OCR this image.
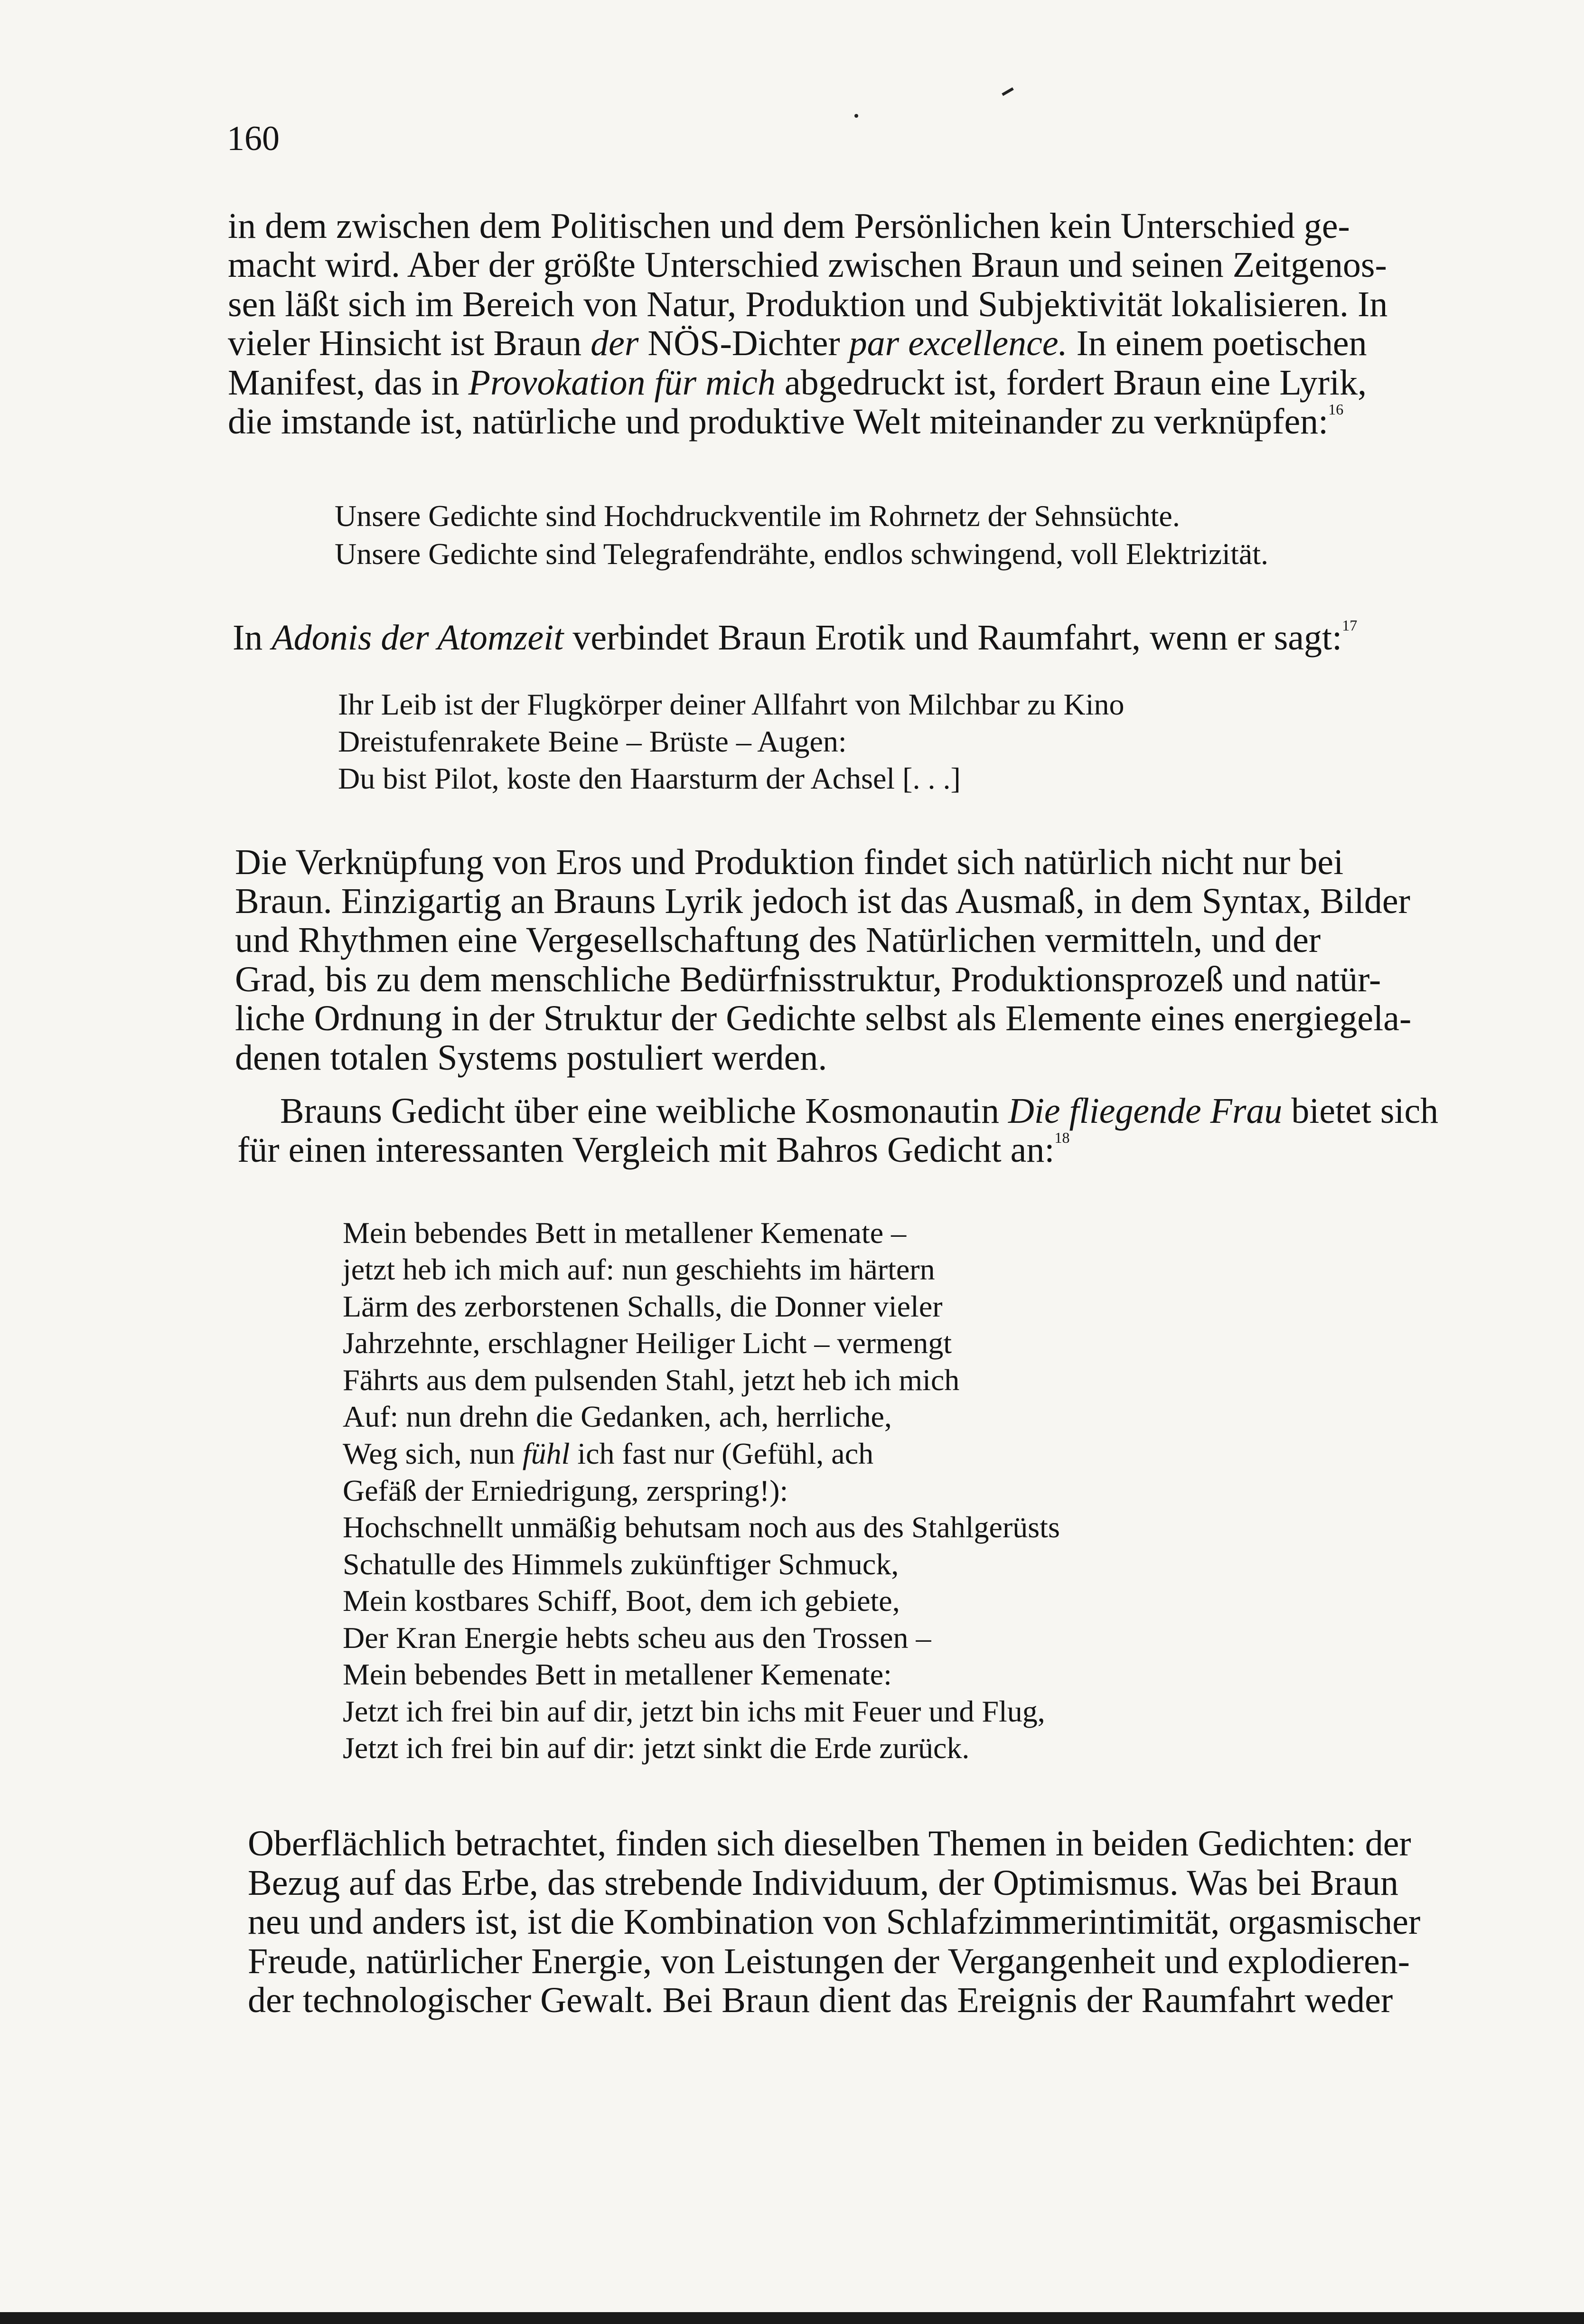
160
in dem zwischen dem Politischen und dem Persönlichen kein Unterschied ge-
macht wird. Aber der größte Unterschied zwischen Braun und seinen Zeitgenos-
sen läßt sich im Bereich von Natur, Produktion und Subjektivität lokalisieren. In
vieler Hinsicht ist Braun der NÖS-Dichter par excellence. In einem poetischen
Manifest, das in Provokation für mich abgedruckt ist, fordert Braun eine Lyrik,
die imstande ist, natürliche und produktive Welt miteinander zu verknüpfen:$^{16}$
Unsere Gedichte sind Hochdruckventile im Rohrnetz der Sehnsüchte.
Unsere Gedichte sind Telegrafendrähte, endlos schwingend, voll Elektrizität.
In Adonis der Atomzeit verbindet Braun Erotik und Raumfahrt, wenn er sagt:$^{17}$
Ihr Leib ist der Flugkörper deiner Allfahrt von Milchbar zu Kino
Dreistufenrakete Beine – Brüste – Augen:
Du bist Pilot, koste den Haarsturm der Achsel [. . .]
Die Verknüpfung von Eros und Produktion findet sich natürlich nicht nur bei
Braun. Einzigartig an Brauns Lyrik jedoch ist das Ausmaß, in dem Syntax, Bilder
und Rhythmen eine Vergesellschaftung des Natürlichen vermitteln, und der
Grad, bis zu dem menschliche Bedürfnisstruktur, Produktionsprozeß und natür-
liche Ordnung in der Struktur der Gedichte selbst als Elemente eines energiegela-
denen totalen Systems postuliert werden.
Brauns Gedicht über eine weibliche Kosmonautin Die fliegende Frau bietet sich
für einen interessanten Vergleich mit Bahros Gedicht an:$^{18}$
Mein bebendes Bett in metallener Kemenate –
jetzt heb ich mich auf: nun geschiehts im härtern
Lärm des zerborstenen Schalls, die Donner vieler
Jahrzehnte, erschlagner Heiliger Licht – vermengt
Fährts aus dem pulsenden Stahl, jetzt heb ich mich
Auf: nun drehn die Gedanken, ach, herrliche,
Weg sich, nun fühl ich fast nur (Gefühl, ach
Gefäß der Erniedrigung, zerspring!):
Hochschnellt unmäßig behutsam noch aus des Stahlgerüsts
Schatulle des Himmels zukünftiger Schmuck,
Mein kostbares Schiff, Boot, dem ich gebiete,
Der Kran Energie hebts scheu aus den Trossen –
Mein bebendes Bett in metallener Kemenate:
Jetzt ich frei bin auf dir, jetzt bin ichs mit Feuer und Flug,
Jetzt ich frei bin auf dir: jetzt sinkt die Erde zurück.
Oberflächlich betrachtet, finden sich dieselben Themen in beiden Gedichten: der
Bezug auf das Erbe, das strebende Individuum, der Optimismus. Was bei Braun
neu und anders ist, ist die Kombination von Schlafzimmerintimität, orgasmischer
Freude, natürlicher Energie, von Leistungen der Vergangenheit und explodieren-
der technologischer Gewalt. Bei Braun dient das Ereignis der Raumfahrt weder
